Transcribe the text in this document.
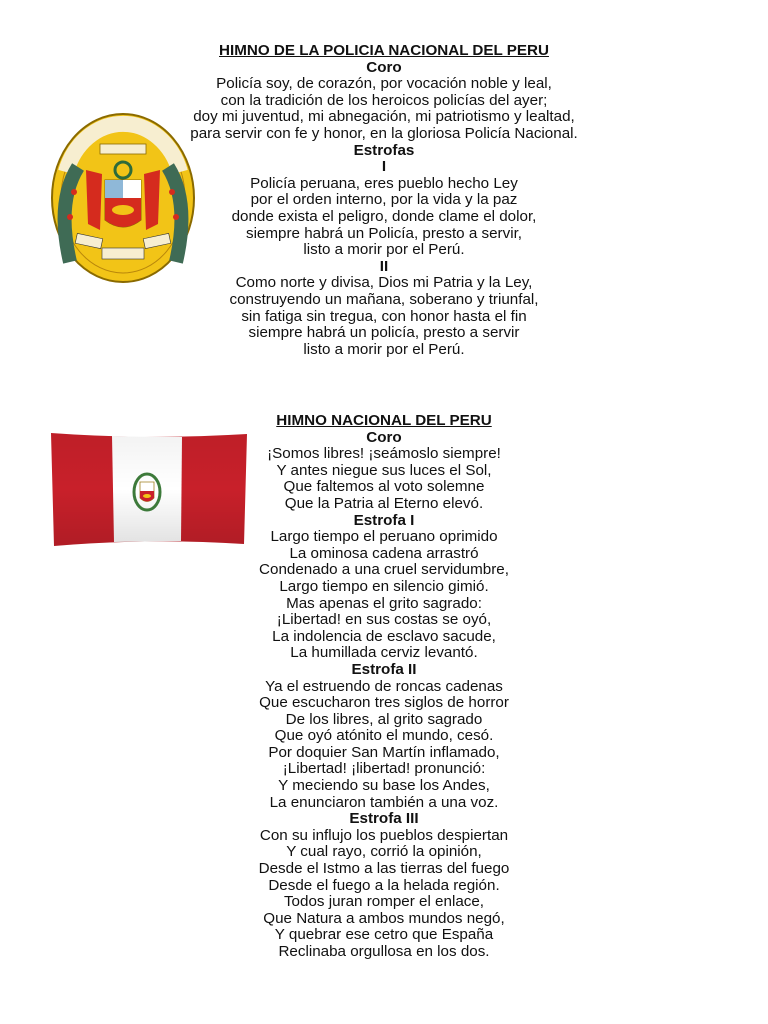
HIMNO DE LA POLICIA NACIONAL DEL PERU
Coro
Policía soy, de corazón, por vocación noble y leal,
con la tradición de los heroicos policías del ayer;
doy mi juventud, mi abnegación, mi patriotismo y lealtad,
para servir con fe y honor, en la gloriosa Policía Nacional.
Estrofas
I
Policía peruana, eres pueblo hecho Ley
por el orden interno, por la vida y la paz
donde exista el peligro, donde clame el dolor,
siempre habrá un Policía, presto a servir,
listo a morir por el Perú.
II
Como norte y divisa, Dios mi Patria y la Ley,
construyendo un mañana, soberano y triunfal,
sin fatiga sin tregua, con honor hasta el fin
siempre habrá un policía, presto a servir
listo a morir por el Perú.
HIMNO NACIONAL DEL PERU
Coro
¡Somos libres! ¡seámoslo siempre!
Y antes niegue sus luces el Sol,
Que faltemos al voto solemne
Que la Patria al Eterno elevó.
Estrofa I
Largo tiempo el peruano oprimido
La ominosa cadena arrastró
Condenado a una cruel servidumbre,
Largo tiempo en silencio gimió.
Mas apenas el grito sagrado:
¡Libertad! en sus costas se oyó,
La indolencia de esclavo sacude,
La humillada cerviz levantó.
Estrofa II
Ya el estruendo de roncas cadenas
Que escucharon tres siglos de horror
De los libres, al grito sagrado
Que oyó atónito el mundo, cesó.
Por doquier San Martín inflamado,
¡Libertad! ¡libertad! pronunció:
Y meciendo su base los Andes,
La enunciaron también a una voz.
Estrofa III
Con su influjo los pueblos despiertan
Y cual rayo, corrió la opinión,
Desde el Istmo a las tierras del fuego
Desde el fuego a la helada región.
Todos juran romper el enlace,
Que Natura a ambos mundos negó,
Y quebrar ese cetro que España
Reclinaba orgullosa en los dos.
